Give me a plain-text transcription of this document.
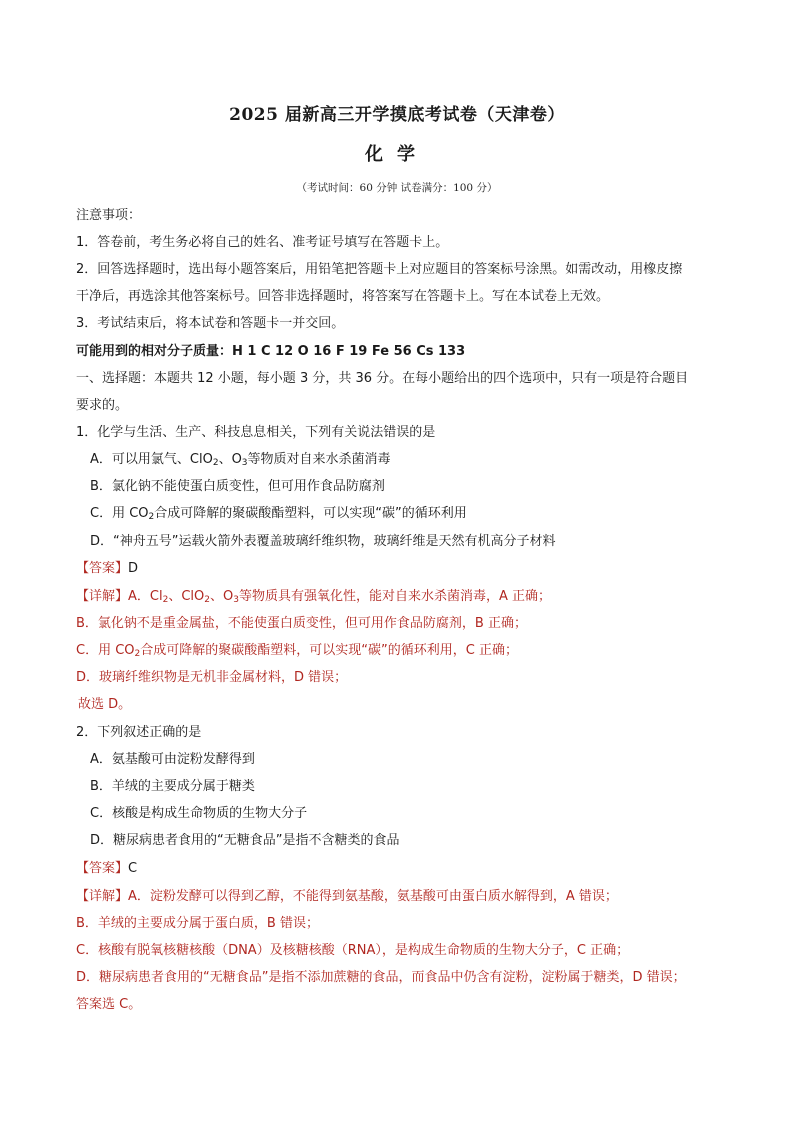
2025 届新高三开学摸底考试卷（天津卷）
化学
（考试时间：60 分钟 试卷满分：100 分）
注意事项：
1．答卷前，考生务必将自己的姓名、准考证号填写在答题卡上。
2．回答选择题时，选出每小题答案后，用铅笔把答题卡上对应题目的答案标号涂黑。如需改动，用橡皮擦
干净后，再选涂其他答案标号。回答非选择题时，将答案写在答题卡上。写在本试卷上无效。
3．考试结束后，将本试卷和答题卡一并交回。
可能用到的相对分子质量：H 1 C 12 O 16 F 19 Fe 56 Cs 133
一、选择题：本题共 12 小题，每小题 3 分，共 36 分。在每小题给出的四个选项中，只有一项是符合题目
要求的。
1．化学与生活、生产、科技息息相关，下列有关说法错误的是
A．可以用氯气、ClO$_2$、$O_3$等物质对自来水杀菌消毒
B．氯化钠不能使蛋白质变性，但可用作食品防腐剂
C．用 $CO_2$合成可降解的聚碳酸酯塑料，可以实现“碳”的循环利用
D．“神舟五号”运载火箭外表覆盖玻璃纤维织物，玻璃纤维是天然有机高分子材料
【答案】D
【详解】A．$Cl_2$、ClO$_2$、$O_3$等物质具有强氧化性，能对自来水杀菌消毒，A 正确；
B．氯化钠不是重金属盐，不能使蛋白质变性，但可用作食品防腐剂，B 正确；
C．用 $CO_2$合成可降解的聚碳酸酯塑料，可以实现“碳”的循环利用，C 正确；
D．玻璃纤维织物是无机非金属材料，D 错误；
故选 D。
2．下列叙述正确的是
A．氨基酸可由淀粉发酵得到
B．羊绒的主要成分属于糖类
C．核酸是构成生命物质的生物大分子
D．糖尿病患者食用的“无糖食品”是指不含糖类的食品
【答案】C
【详解】A．淀粉发酵可以得到乙醇，不能得到氨基酸，氨基酸可由蛋白质水解得到，A 错误；
B．羊绒的主要成分属于蛋白质，B 错误；
C．核酸有脱氧核糖核酸（DNA）及核糖核酸（RNA），是构成生命物质的生物大分子，C 正确；
D．糖尿病患者食用的“无糖食品”是指不添加蔗糖的食品，而食品中仍含有淀粉，淀粉属于糖类，D 错误；
答案选 C。
